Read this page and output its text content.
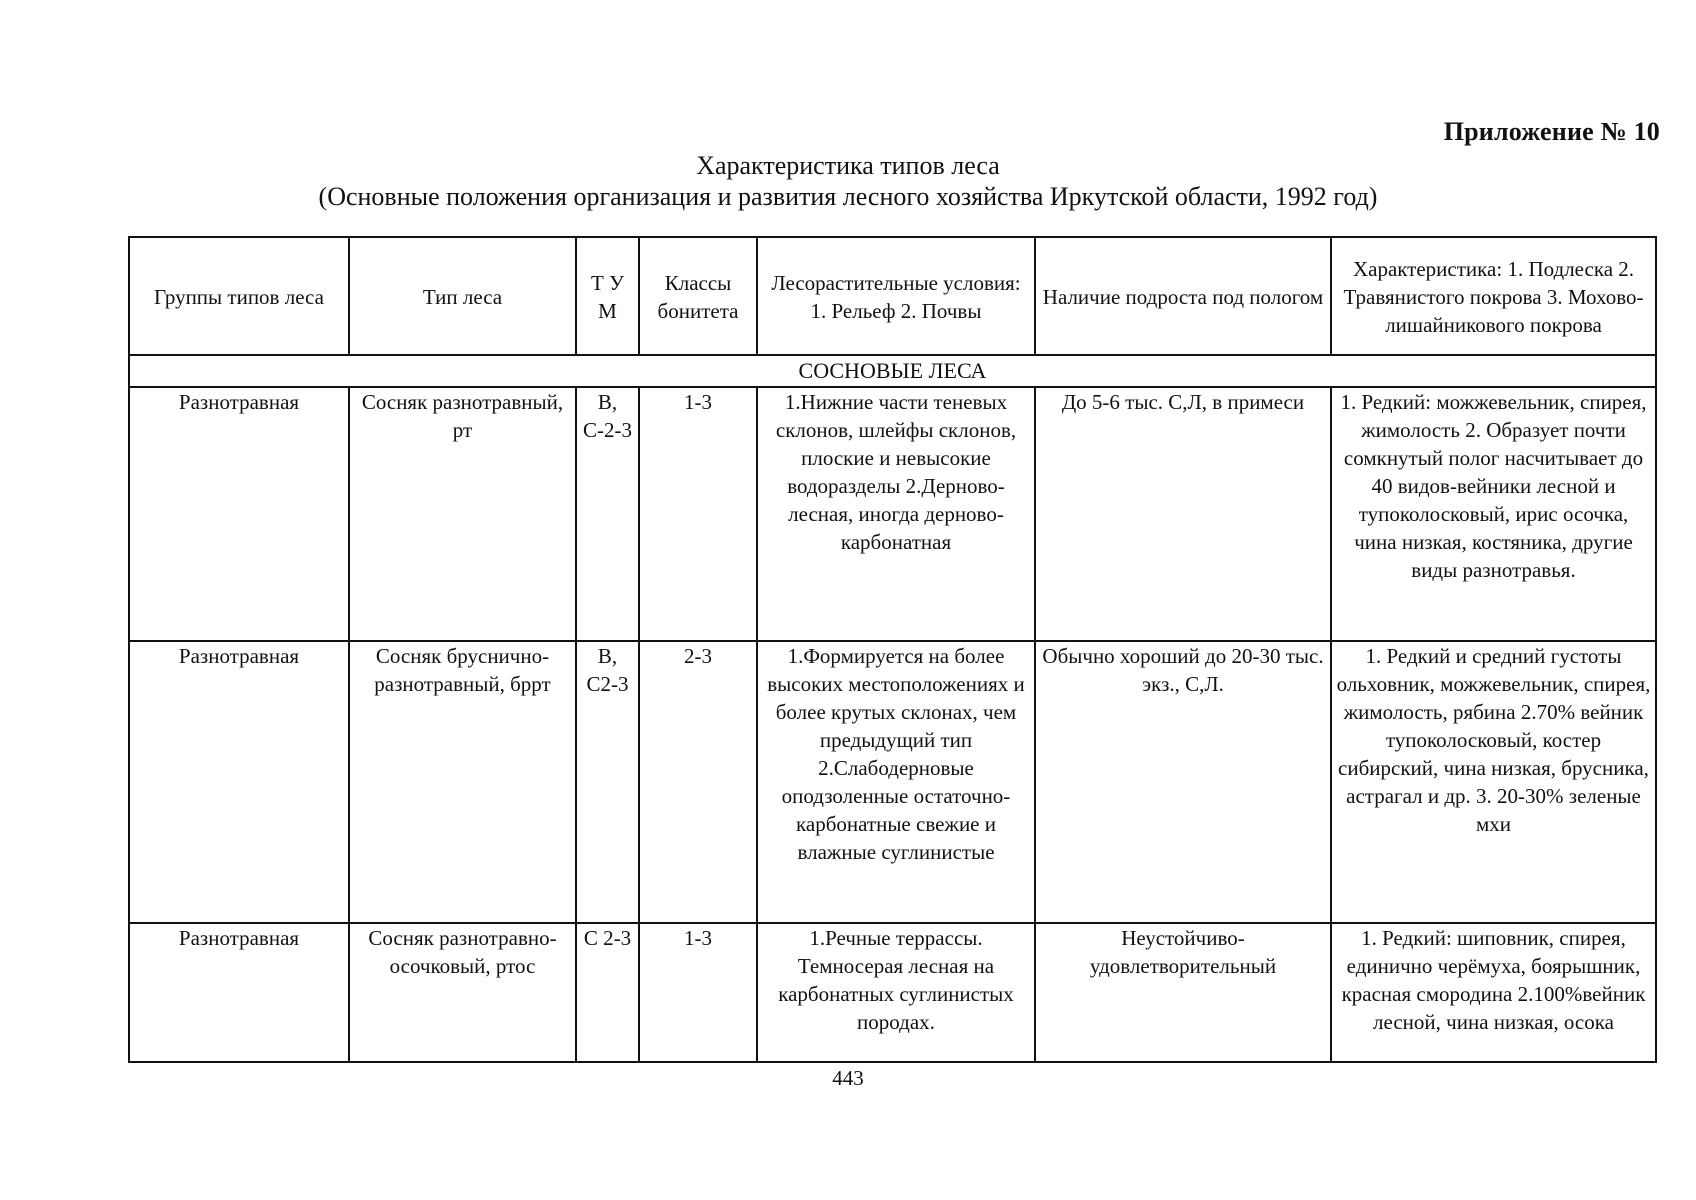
Приложение № 10
Характеристика типов леса
(Основные положения организация и развития лесного хозяйства Иркутской области, 1992 год)
Группы типов леса	Тип леса	Т У М	Классы бонитета	Лесорастительные условия: 1. Рельеф 2. Почвы	Наличие подроста под пологом	Характеристика: 1. Подлеска 2. Травянистого покрова 3. Мохово-лишайникового покрова
СОСНОВЫЕ ЛЕСА						
Разнотравная	Сосняк разнотравный, рт	В, С-2-3	1-3	1.Нижние части теневых склонов, шлейфы склонов, плоские и невысокие водоразделы 2.Дерново-лесная, иногда дерново-карбонатная	До 5-6 тыс. С,Л, в примеси	1. Редкий: можжевельник, спирея, жимолость 2. Образует почти сомкнутый полог насчитывает до 40 видов-вейники лесной и тупоколосковый, ирис осочка, чина низкая, костяника, другие виды разнотравья.
Разнотравная	Сосняк бруснично-разнотравный, бррт	В, С2-3	2-3	1.Формируется на более высоких местоположениях и более крутых склонах, чем предыдущий тип 2.Слабодерновые оподзоленные остаточно-карбонатные свежие и влажные суглинистые	Обычно хороший до 20-30 тыс. экз., С,Л.	1. Редкий и средний густоты ольховник, можжевельник, спирея, жимолость, рябина 2.70% вейник тупоколосковый, костер сибирский, чина низкая, брусника, астрагал и др. 3. 20-30% зеленые мхи
Разнотравная	Сосняк разнотравно-осочковый, ртос	С 2-3	1-3	1.Речные террассы. Темносерая лесная на карбонатных суглинистых породах.	Неустойчиво-удовлетворительный	1. Редкий: шиповник, спирея, единично черёмуха, боярышник, красная смородина 2.100%вейник лесной, чина низкая, осока
443
